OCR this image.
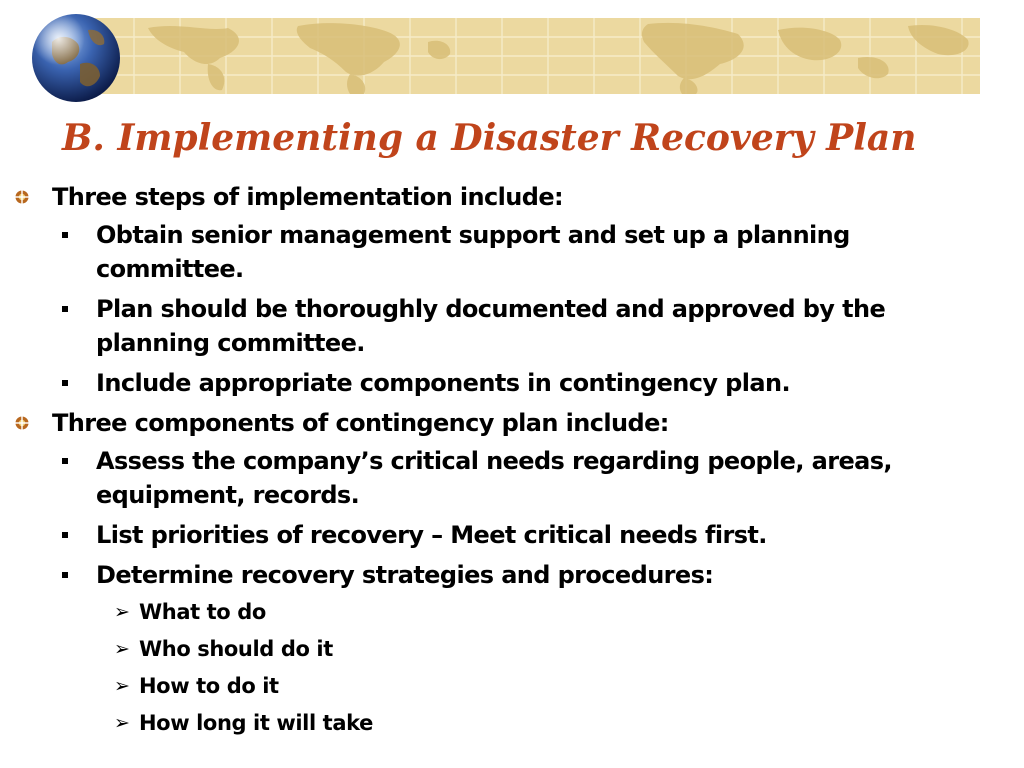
B. Implementing a Disaster Recovery Plan
Three steps of implementation include:
Obtain senior management support and set up a planning committee.
Plan should be thoroughly documented and approved by the planning committee.
Include appropriate components in contingency plan.
Three components of contingency plan include:
Assess the company’s critical needs regarding people, areas, equipment, records.
List priorities of recovery – Meet critical needs first.
Determine recovery strategies and procedures:
➢ What to do
➢ Who should do it
➢ How to do it
➢ How long it will take
